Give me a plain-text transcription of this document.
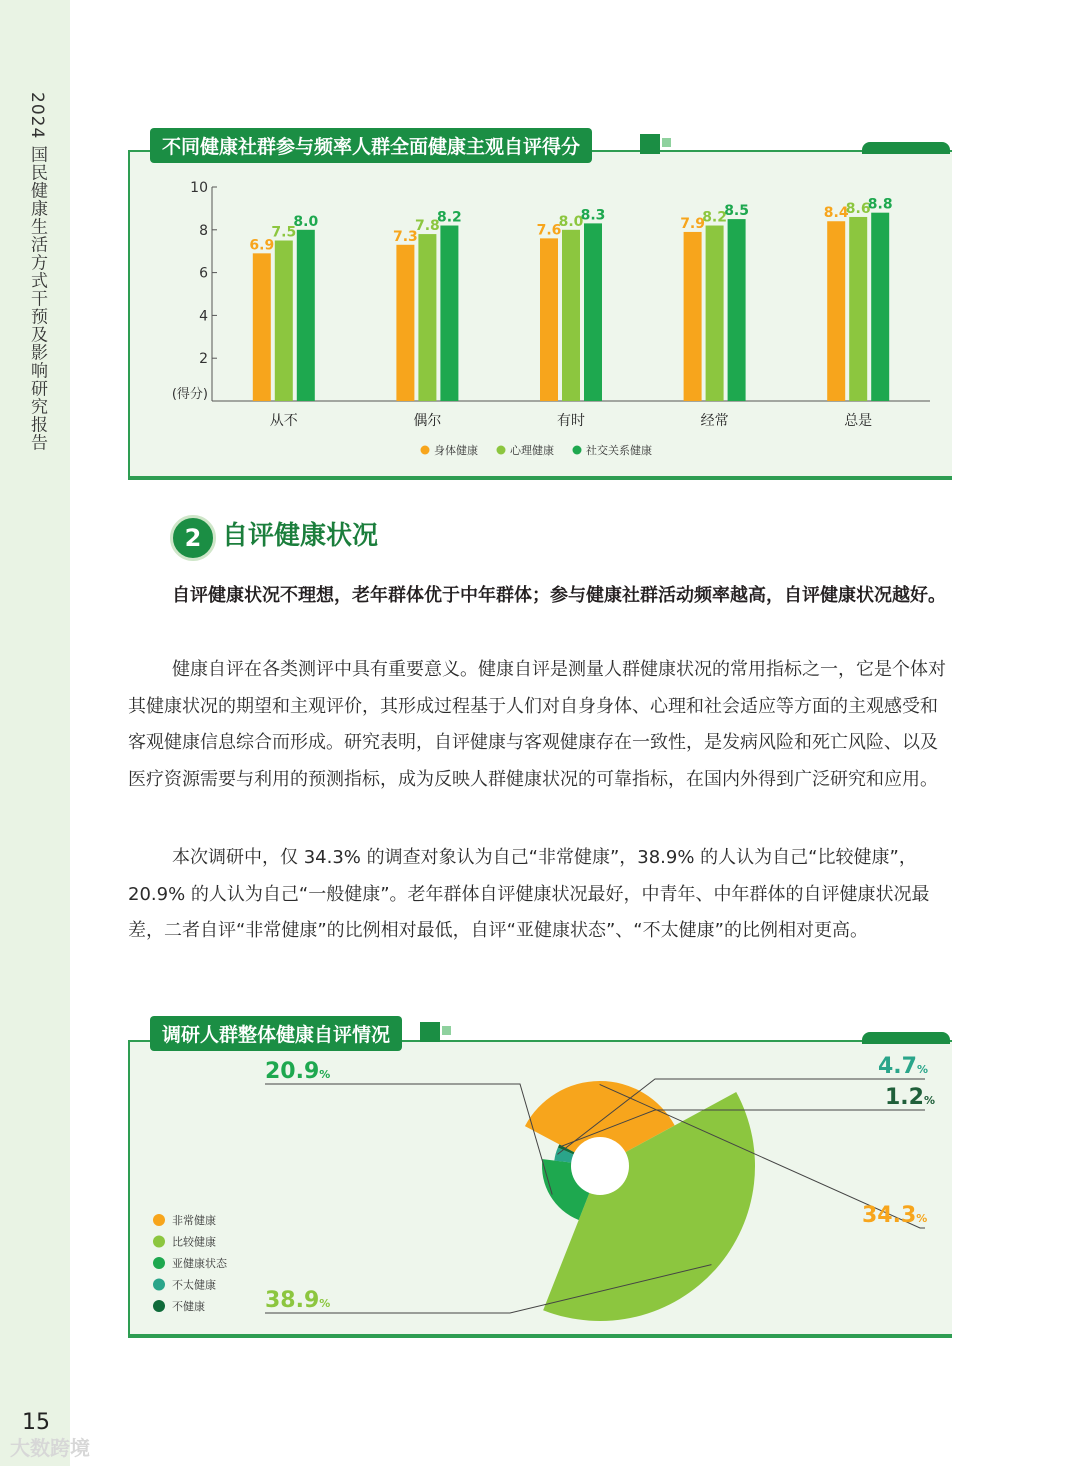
2024 国民健康生活方式干预及影响研究报告
15
大数跨境
不同健康社群参与频率人群全面健康主观自评得分
2
4
6
8
10
(得分)
6.9
7.5
8.0
从不
7.3
7.8
8.2
偶尔
7.6
8.0
8.3
有时
7.9
8.2
8.5
经常
8.4
8.6
8.8
总是
身体健康	心理健康	社交关系健康
2 自评健康状况
自评健康状况不理想，老年群体优于中年群体；参与健康社群活动频率越高，自评健康状况越好。
健康自评在各类测评中具有重要意义。健康自评是测量人群健康状况的常用指标之一，它是个体对其健康状况的期望和主观评价，其形成过程基于人们对自身身体、心理和社会适应等方面的主观感受和客观健康信息综合而形成。研究表明，自评健康与客观健康存在一致性，是发病风险和死亡风险、以及医疗资源需要与利用的预测指标，成为反映人群健康状况的可靠指标，在国内外得到广泛研究和应用。
本次调研中，仅 34.3% 的调查对象认为自己“非常健康”，38.9% 的人认为自己“比较健康”，20.9% 的人认为自己“一般健康”。老年群体自评健康状况最好，中青年、中年群体的自评健康状况最差，二者自评“非常健康”的比例相对最低，自评“亚健康状态”、“不太健康”的比例相对更高。
调研人群整体健康自评情况
34.3%
38.9%
20.9%	4.7%
1.2%
非常健康
比较健康
亚健康状态
不太健康
不健康
